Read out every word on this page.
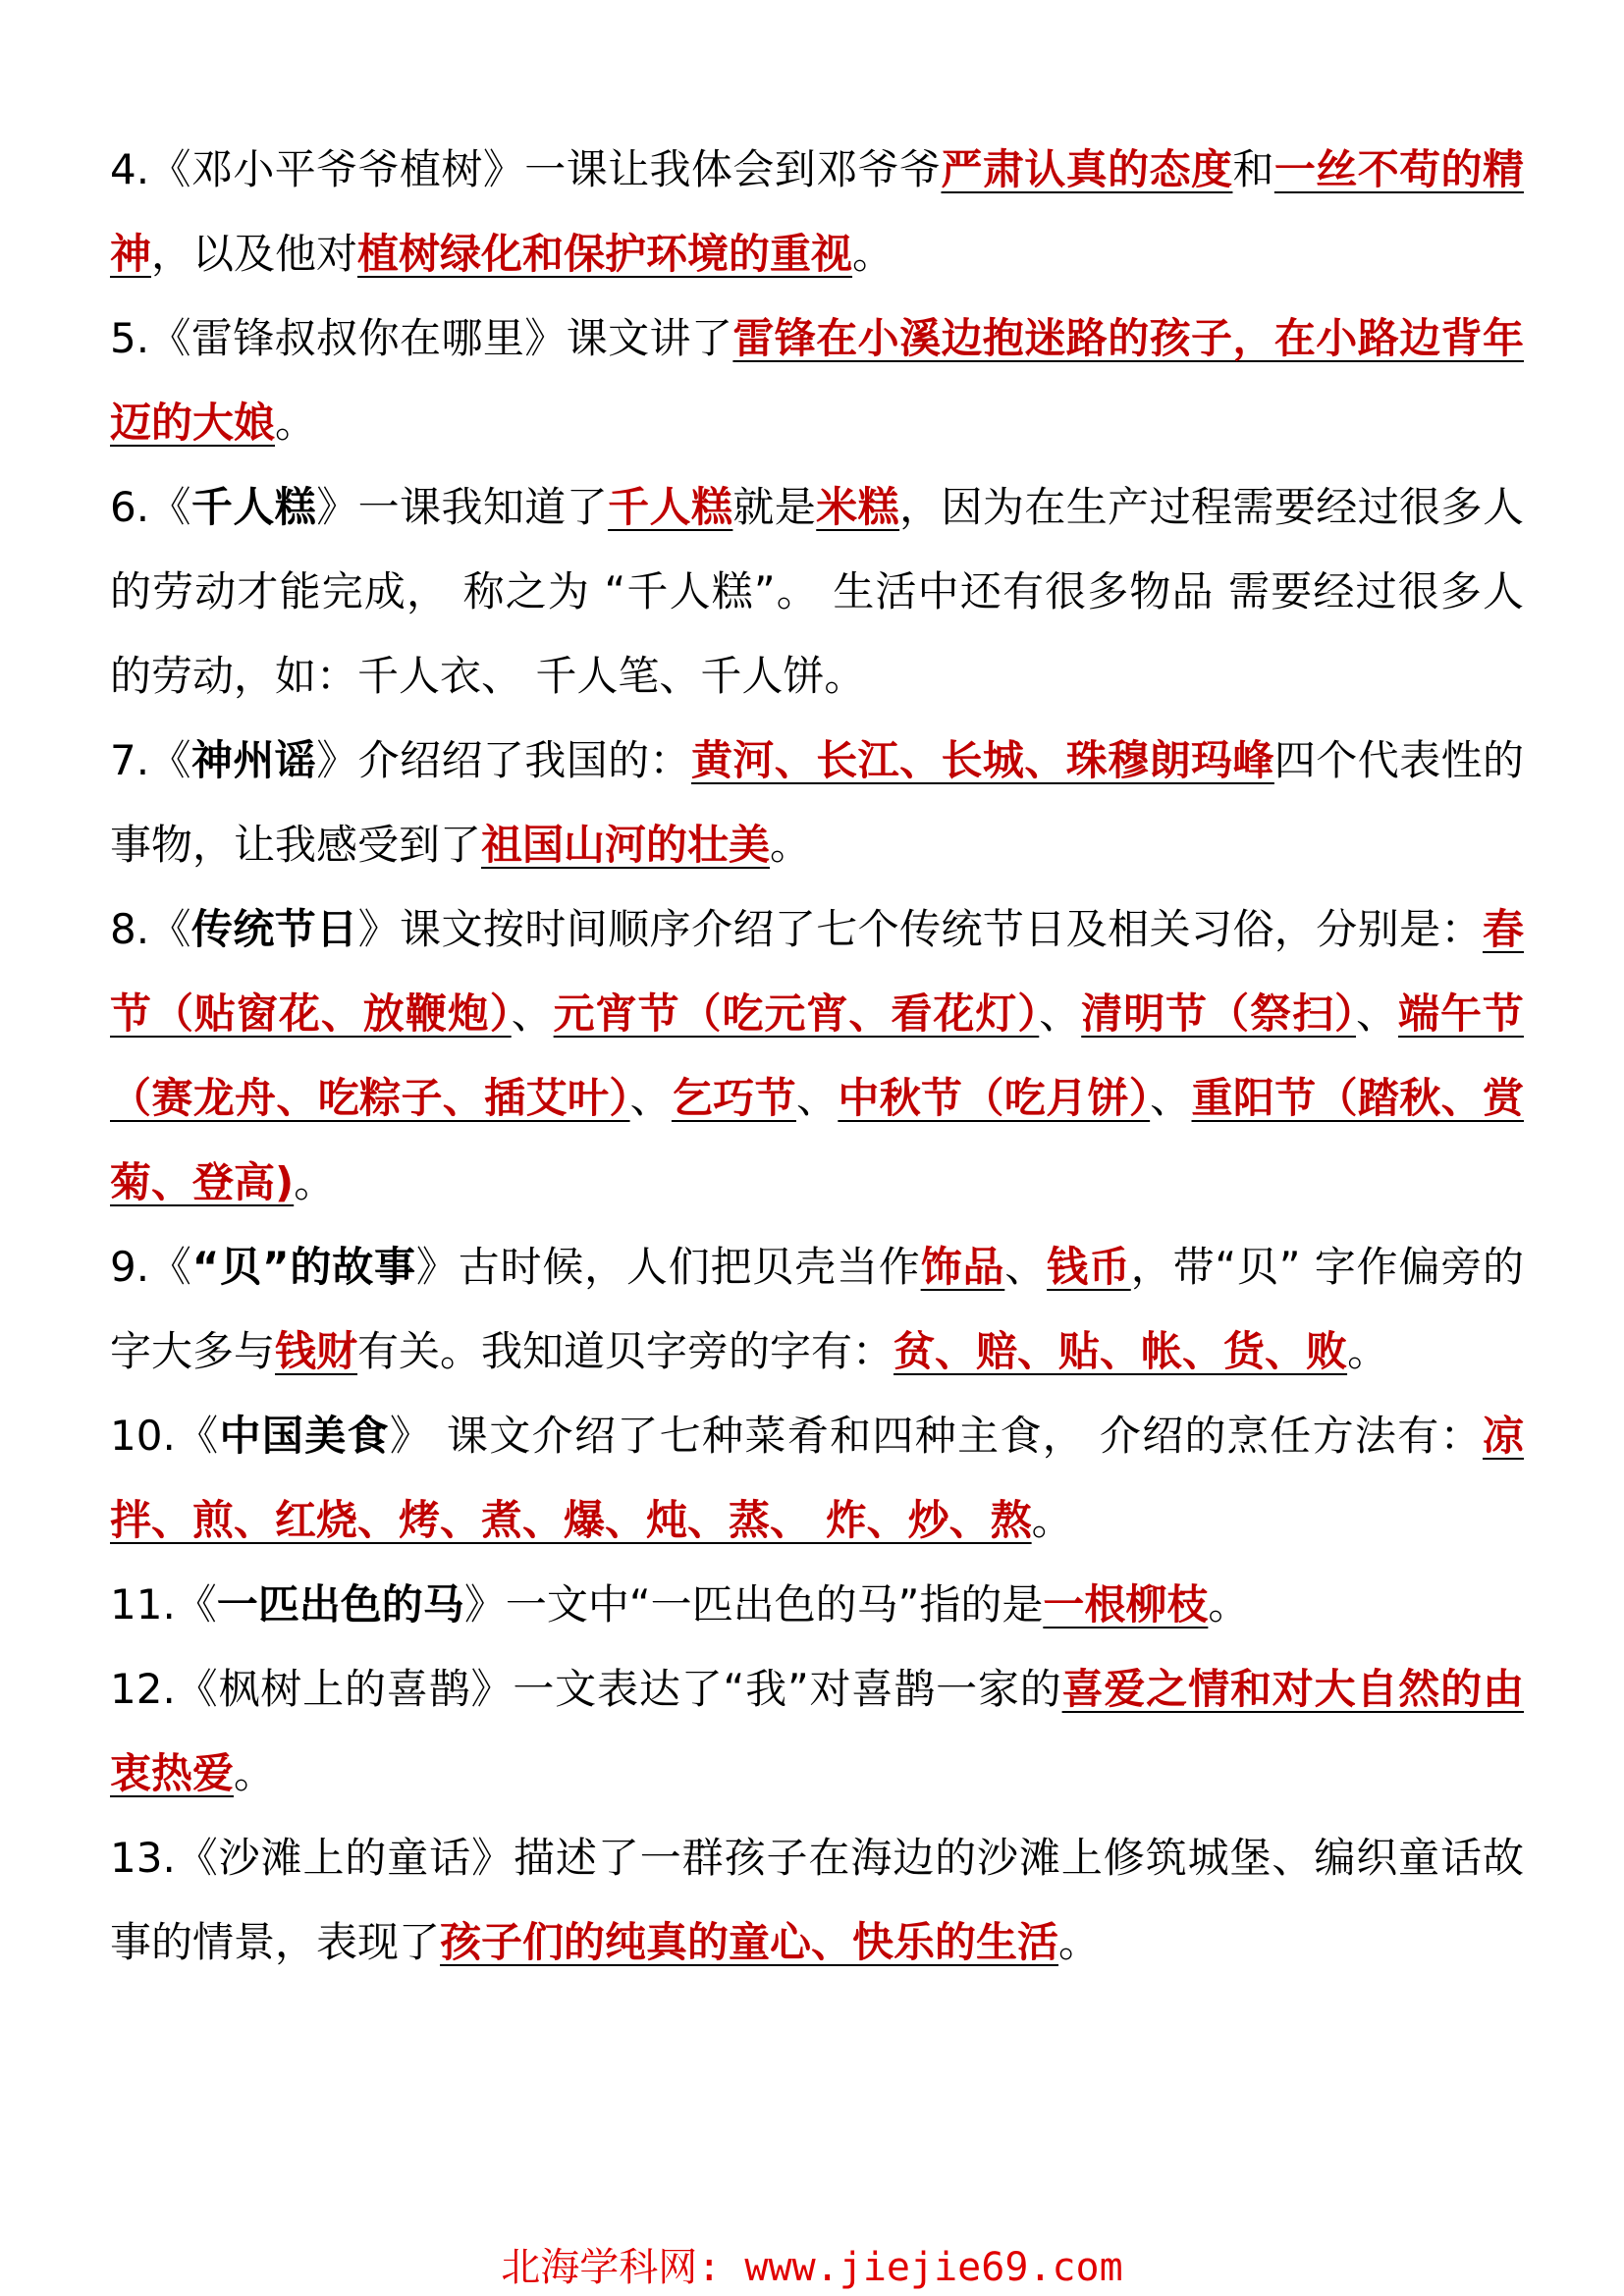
4.《邓小平爷爷植树》一课让我体会到邓爷爷严肃认真的态度和一丝不苟的精神，以及他对植树绿化和保护环境的重视。

5.《雷锋叔叔你在哪里》课文讲了雷锋在小溪边抱迷路的孩子，在小路边背年迈的大娘。

6.《千人糕》一课我知道了千人糕就是米糕，因为在生产过程需要经过很多人的劳动才能完成， 称之为 “千人糕”。 生活中还有很多物品 需要经过很多人的劳动，如：千人衣、 千人笔、千人饼。

7.《神州谣》介绍绍了我国的：黄河、长江、长城、珠穆朗玛峰四个代表性的事物，让我感受到了祖国山河的壮美。

8.《传统节日》课文按时间顺序介绍了七个传统节日及相关习俗，分别是：春节（贴窗花、放鞭炮）、元宵节（吃元宵、看花灯）、清明节（祭扫）、端午节（赛龙舟、吃粽子、插艾叶）、乞巧节、中秋节（吃月饼）、重阳节（踏秋、赏菊、登高)。

9.《“贝”的故事》古时候，人们把贝壳当作饰品、钱币，带“贝” 字作偏旁的字大多与钱财有关。我知道贝字旁的字有：贫、赔、贴、帐、货、败。

10.《中国美食》 课文介绍了七种菜肴和四种主食， 介绍的烹任方法有：凉拌、煎、红烧、烤、煮、爆、炖、蒸、 炸、炒、熬。

11.《一匹出色的马》一文中“一匹出色的马”指的是一根柳枝。

12.《枫树上的喜鹊》一文表达了“我”对喜鹊一家的喜爱之情和对大自然的由衷热爱。

13.《沙滩上的童话》描述了一群孩子在海边的沙滩上修筑城堡、编织童话故事的情景，表现了孩子们的纯真的童心、快乐的生活。

北海学科网: www.jiejie69.com
